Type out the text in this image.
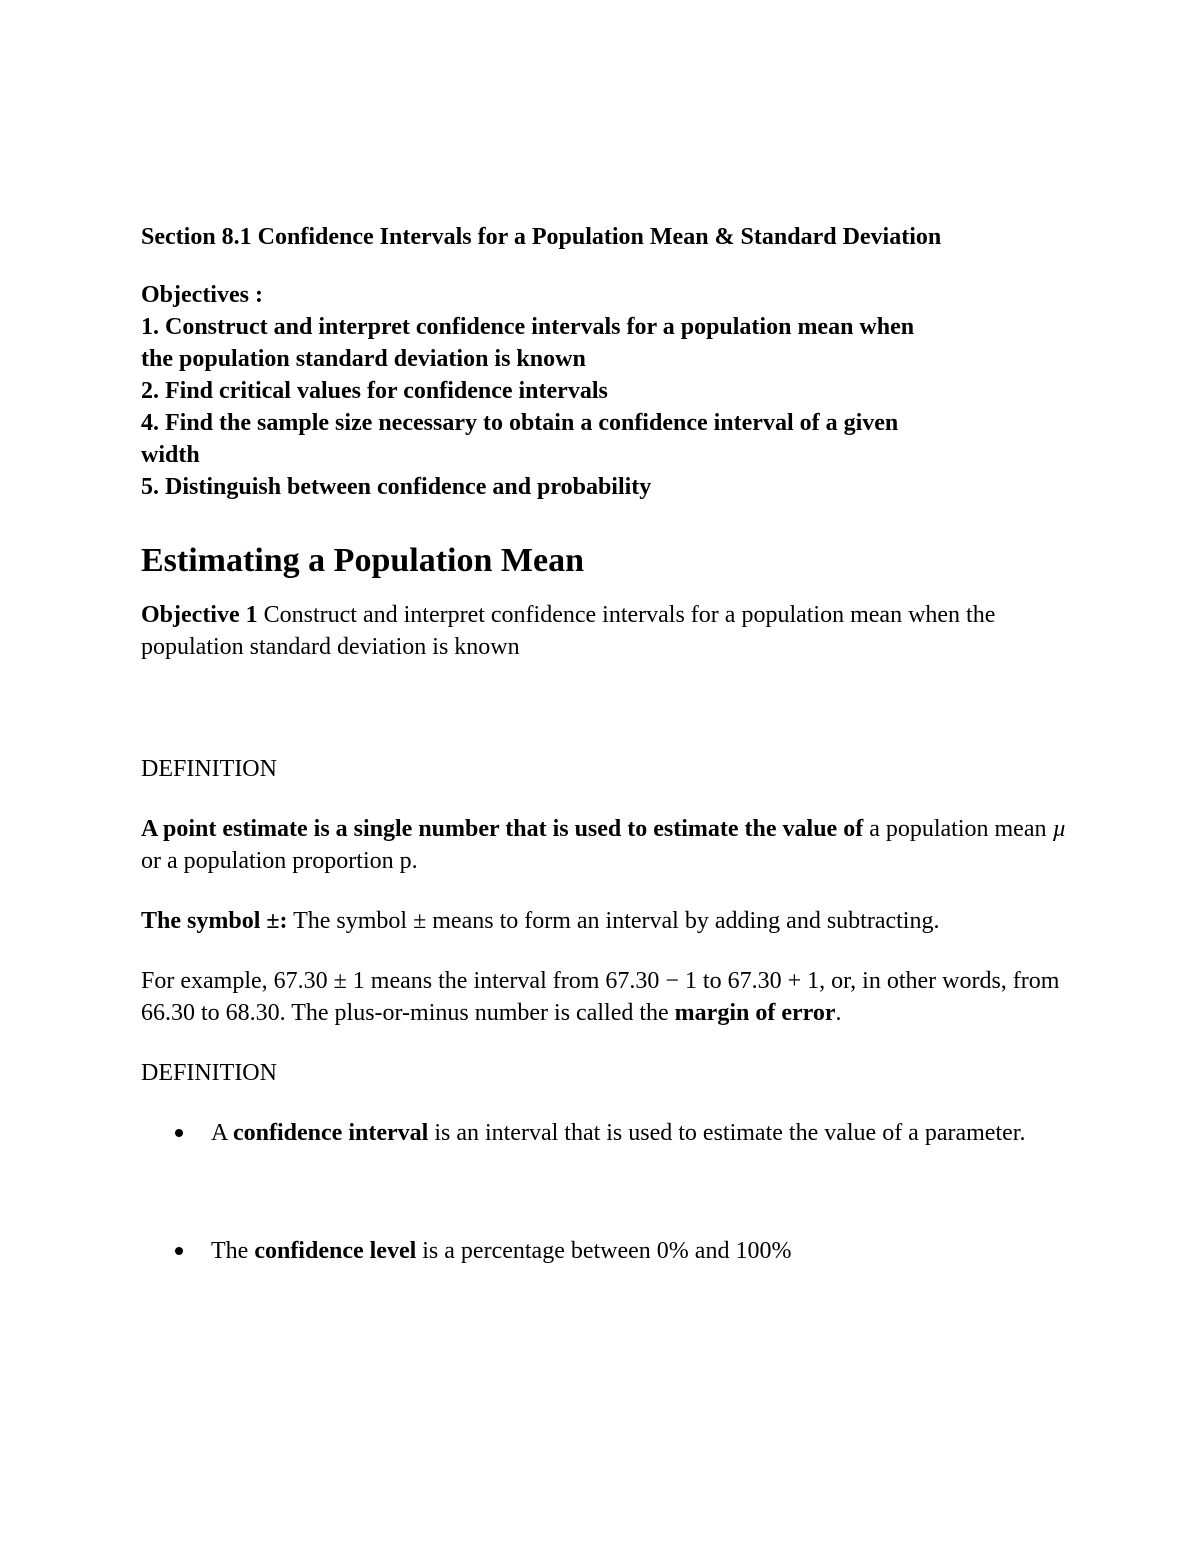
Section 8.1 Confidence Intervals for a Population Mean & Standard Deviation
Objectives :
1. Construct and interpret confidence intervals for a population mean when
the population standard deviation is known
2. Find critical values for confidence intervals
4. Find the sample size necessary to obtain a confidence interval of a given
width
5. Distinguish between confidence and probability
Estimating a Population Mean
Objective 1 Construct and interpret confidence intervals for a population mean when the population standard deviation is known
DEFINITION
A point estimate is a single number that is used to estimate the value of a population mean µ or a population proportion p.
The symbol ±: The symbol ± means to form an interval by adding and subtracting.
For example, 67.30 ± 1 means the interval from 67.30 − 1 to 67.30 + 1, or, in other words, from 66.30 to 68.30. The plus-or-minus number is called the margin of error.
DEFINITION
A confidence interval is an interval that is used to estimate the value of a parameter.
The confidence level is a percentage between 0% and 100%
